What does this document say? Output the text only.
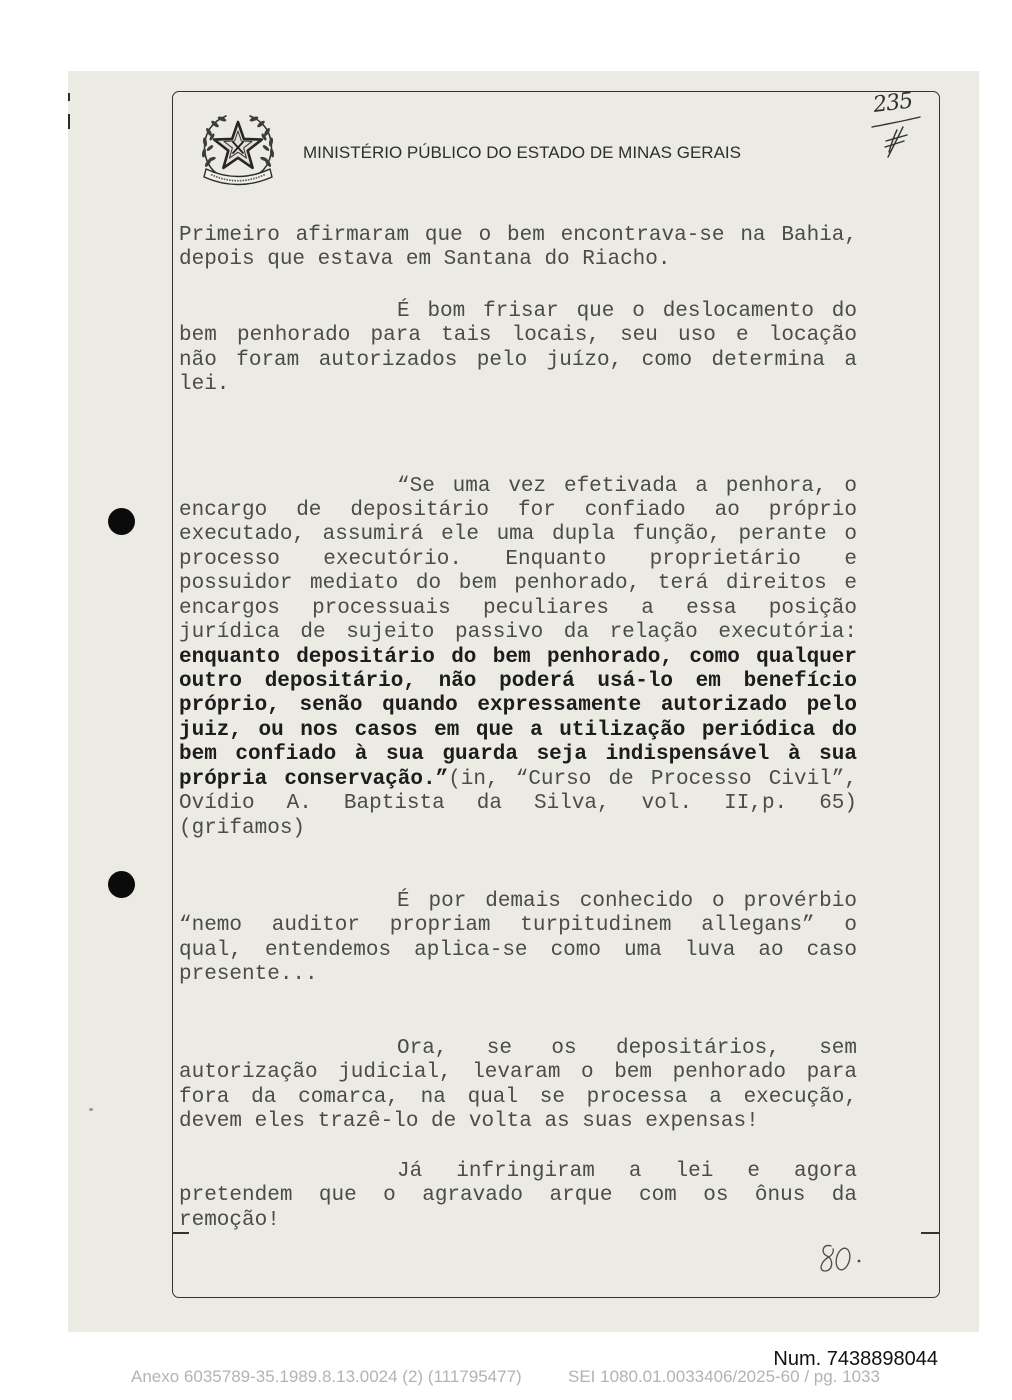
MINISTÉRIO PÚBLICO DO ESTADO DE MINAS GERAIS
235
Primeiro afirmaram que o bem encontrava-se na Bahia,
depois que estava em Santana do Riacho.
É bom frisar que o deslocamento do
bem penhorado para tais locais, seu uso e locação
não foram autorizados pelo juízo, como determina a
lei.
“Se uma vez efetivada a penhora, o
encargo de depositário for confiado ao próprio
executado, assumirá ele uma dupla função, perante o
processo executório. Enquanto proprietário e
possuidor mediato do bem penhorado, terá direitos e
encargos processuais peculiares a essa posição
jurídica de sujeito passivo da relação executória:
enquanto depositário do bem penhorado, como qualquer
outro depositário, não poderá usá-lo em benefício
próprio, senão quando expressamente autorizado pelo
juiz, ou nos casos em que a utilização periódica do
bem confiado à sua guarda seja indispensável à sua
própria conservação.”(in, “Curso de Processo Civil”,
Ovídio A. Baptista da Silva, vol. II,p. 65)
(grifamos)
É por demais conhecido o provérbio
“nemo auditor propriam turpitudinem allegans” o
qual, entendemos aplica-se como uma luva ao caso
presente...
Ora, se os depositários, sem
autorização judicial, levaram o bem penhorado para
fora da comarca, na qual se processa a execução,
devem eles trazê-lo de volta as suas expensas!
Já infringiram a lei e agora
pretendem que o agravado arque com os ônus da
remoção!
Num. 7438898044
Anexo 6035789-35.1989.8.13.0024 (2) (111795477)	SEI 1080.01.0033406/2025-60 / pg. 1033
